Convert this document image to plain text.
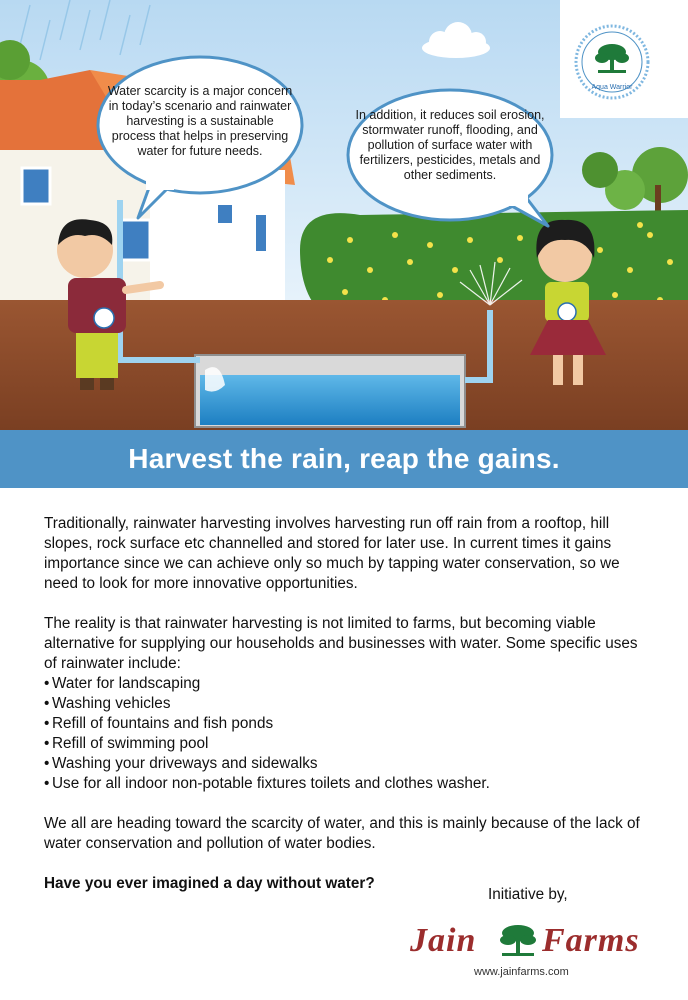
Water scarcity is a major concern in today’s scenario and rainwater harvesting is a sustainable process that helps in preserving water for future needs.
In addition, it reduces soil erosion, stormwater runoff, flooding, and pollution of surface water with fertilizers, pesticides, metals and other sediments.
Aqua Warrior
Harvest the rain, reap the gains.

Traditionally, rainwater harvesting involves harvesting run off rain from a rooftop, hill slopes, rock surface etc channelled and stored for later use. In current times it gains importance since we can achieve only so much by tapping water conservation, so we need to look for more innovative opportunities.

The reality is that rainwater harvesting is not limited to farms, but becoming viable alternative for supplying our households and businesses with water. Some specific uses of rainwater include:

• Water for landscaping
• Washing vehicles
• Refill of fountains and fish ponds
• Refill of swimming pool
• Washing your driveways and sidewalks
• Use for all indoor non-potable fixtures toilets and clothes washer.

We all are heading toward the scarcity of water, and this is mainly because of the lack of water conservation and pollution of water bodies.

Have you ever imagined a day without water?

Initiative by,
Jain Farms
www.jainfarms.com
